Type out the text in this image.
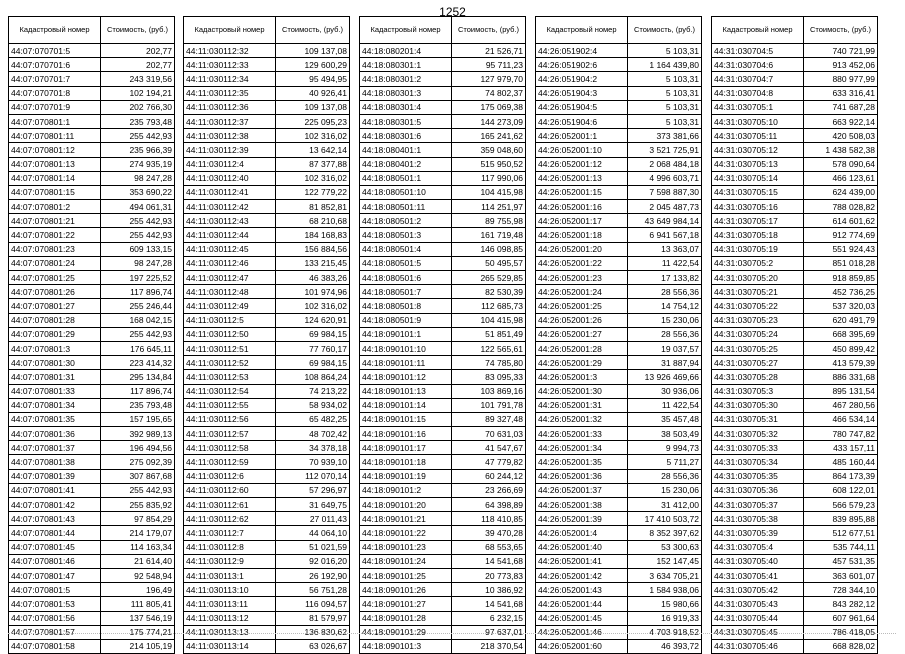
1252
Кадастровый номер	Стоимость, (руб.)
44:07:070701:5	202,77
44:07:070701:6	202,77
44:07:070701:7	243 319,56
44:07:070701:8	102 194,21
44:07:070701:9	202 766,30
44:07:070801:1	235 793,48
44:07:070801:11	255 442,93
44:07:070801:12	235 966,39
44:07:070801:13	274 935,19
44:07:070801:14	98 247,28
44:07:070801:15	353 690,22
44:07:070801:2	494 061,31
44:07:070801:21	255 442,93
44:07:070801:22	255 442,93
44:07:070801:23	609 133,15
44:07:070801:24	98 247,28
44:07:070801:25	197 225,52
44:07:070801:26	117 896,74
44:07:070801:27	255 246,44
44:07:070801:28	168 042,15
44:07:070801:29	255 442,93
44:07:070801:3	176 645,11
44:07:070801:30	223 414,32
44:07:070801:31	295 134,84
44:07:070801:33	117 896,74
44:07:070801:34	235 793,48
44:07:070801:35	157 195,65
44:07:070801:36	392 989,13
44:07:070801:37	196 494,56
44:07:070801:38	275 092,39
44:07:070801:39	307 867,68
44:07:070801:41	255 442,93
44:07:070801:42	255 835,92
44:07:070801:43	97 854,29
44:07:070801:44	214 179,07
44:07:070801:45	114 163,34
44:07:070801:46	21 614,40
44:07:070801:47	92 548,94
44:07:070801:5	196,49
44:07:070801:53	111 805,41
44:07:070801:56	137 546,19
44:07:070801:57	175 774,21
44:07:070801:58	214 105,19
Кадастровый номер	Стоимость, (руб.)
44:11:030112:32	109 137,08
44:11:030112:33	129 600,29
44:11:030112:34	95 494,95
44:11:030112:35	40 926,41
44:11:030112:36	109 137,08
44:11:030112:37	225 095,23
44:11:030112:38	102 316,02
44:11:030112:39	13 642,14
44:11:030112:4	87 377,88
44:11:030112:40	102 316,02
44:11:030112:41	122 779,22
44:11:030112:42	81 852,81
44:11:030112:43	68 210,68
44:11:030112:44	184 168,83
44:11:030112:45	156 884,56
44:11:030112:46	133 215,45
44:11:030112:47	46 383,26
44:11:030112:48	101 974,96
44:11:030112:49	102 316,02
44:11:030112:5	124 620,91
44:11:030112:50	69 984,15
44:11:030112:51	77 760,17
44:11:030112:52	69 984,15
44:11:030112:53	108 864,24
44:11:030112:54	74 213,22
44:11:030112:55	58 934,02
44:11:030112:56	65 482,25
44:11:030112:57	48 702,42
44:11:030112:58	34 378,18
44:11:030112:59	70 939,10
44:11:030112:6	112 070,14
44:11:030112:60	57 296,97
44:11:030112:61	31 649,75
44:11:030112:62	27 011,43
44:11:030112:7	44 064,10
44:11:030112:8	51 021,59
44:11:030112:9	92 016,20
44:11:030113:1	26 192,90
44:11:030113:10	56 751,28
44:11:030113:11	116 094,57
44:11:030113:12	81 579,97
44:11:030113:13	136 830,62
44:11:030113:14	63 026,67
Кадастровый номер	Стоимость, (руб.)
44:18:080201:4	21 526,71
44:18:080301:1	95 711,23
44:18:080301:2	127 979,70
44:18:080301:3	74 802,37
44:18:080301:4	175 069,38
44:18:080301:5	144 273,09
44:18:080301:6	165 241,62
44:18:080401:1	359 048,60
44:18:080401:2	515 950,52
44:18:080501:1	117 990,06
44:18:080501:10	104 415,98
44:18:080501:11	114 251,97
44:18:080501:2	89 755,98
44:18:080501:3	161 719,48
44:18:080501:4	146 098,85
44:18:080501:5	50 495,57
44:18:080501:6	265 529,85
44:18:080501:7	82 530,39
44:18:080501:8	112 685,73
44:18:080501:9	104 415,98
44:18:090101:1	51 851,49
44:18:090101:10	122 565,61
44:18:090101:11	74 785,80
44:18:090101:12	83 095,33
44:18:090101:13	103 869,16
44:18:090101:14	101 791,78
44:18:090101:15	89 327,48
44:18:090101:16	70 631,03
44:18:090101:17	41 547,67
44:18:090101:18	47 779,82
44:18:090101:19	60 244,12
44:18:090101:2	23 266,69
44:18:090101:20	64 398,89
44:18:090101:21	118 410,85
44:18:090101:22	39 470,28
44:18:090101:23	68 553,65
44:18:090101:24	14 541,68
44:18:090101:25	20 773,83
44:18:090101:26	10 386,92
44:18:090101:27	14 541,68
44:18:090101:28	6 232,15
44:18:090101:29	97 637,01
44:18:090101:3	218 370,54
Кадастровый номер	Стоимость, (руб.)
44:26:051902:4	5 103,31
44:26:051902:6	1 164 439,80
44:26:051904:2	5 103,31
44:26:051904:3	5 103,31
44:26:051904:5	5 103,31
44:26:051904:6	5 103,31
44:26:052001:1	373 381,66
44:26:052001:10	3 521 725,91
44:26:052001:12	2 068 484,18
44:26:052001:13	4 996 603,71
44:26:052001:15	7 598 887,30
44:26:052001:16	2 045 487,73
44:26:052001:17	43 649 984,14
44:26:052001:18	6 941 567,18
44:26:052001:20	13 363,07
44:26:052001:22	11 422,54
44:26:052001:23	17 133,82
44:26:052001:24	28 556,36
44:26:052001:25	14 754,12
44:26:052001:26	15 230,06
44:26:052001:27	28 556,36
44:26:052001:28	19 037,57
44:26:052001:29	31 887,94
44:26:052001:3	13 926 469,66
44:26:052001:30	30 936,06
44:26:052001:31	11 422,54
44:26:052001:32	35 457,48
44:26:052001:33	38 503,49
44:26:052001:34	9 994,73
44:26:052001:35	5 711,27
44:26:052001:36	28 556,36
44:26:052001:37	15 230,06
44:26:052001:38	31 412,00
44:26:052001:39	17 410 503,72
44:26:052001:4	8 352 397,62
44:26:052001:40	53 300,63
44:26:052001:41	152 147,45
44:26:052001:42	3 634 705,21
44:26:052001:43	1 584 938,06
44:26:052001:44	15 980,66
44:26:052001:45	16 919,33
44:26:052001:46	4 703 918,52
44:26:052001:60	46 393,72
Кадастровый номер	Стоимость, (руб.)
44:31:030704:5	740 721,99
44:31:030704:6	913 452,06
44:31:030704:7	880 977,99
44:31:030704:8	633 316,41
44:31:030705:1	741 687,28
44:31:030705:10	663 922,14
44:31:030705:11	420 508,03
44:31:030705:12	1 438 582,38
44:31:030705:13	578 090,64
44:31:030705:14	466 123,61
44:31:030705:15	624 439,00
44:31:030705:16	788 028,82
44:31:030705:17	614 601,62
44:31:030705:18	912 774,69
44:31:030705:19	551 924,43
44:31:030705:2	851 018,28
44:31:030705:20	918 859,85
44:31:030705:21	452 736,25
44:31:030705:22	537 320,03
44:31:030705:23	620 491,79
44:31:030705:24	668 395,69
44:31:030705:25	450 899,42
44:31:030705:27	413 579,39
44:31:030705:28	886 331,68
44:31:030705:3	895 131,54
44:31:030705:30	467 280,56
44:31:030705:31	466 534,14
44:31:030705:32	780 747,82
44:31:030705:33	433 157,11
44:31:030705:34	485 160,44
44:31:030705:35	864 173,39
44:31:030705:36	608 122,01
44:31:030705:37	566 579,23
44:31:030705:38	839 895,88
44:31:030705:39	512 677,51
44:31:030705:4	535 744,11
44:31:030705:40	457 531,35
44:31:030705:41	363 601,07
44:31:030705:42	728 344,10
44:31:030705:43	843 282,12
44:31:030705:44	607 961,64
44:31:030705:45	786 418,05
44:31:030705:46	668 828,02
